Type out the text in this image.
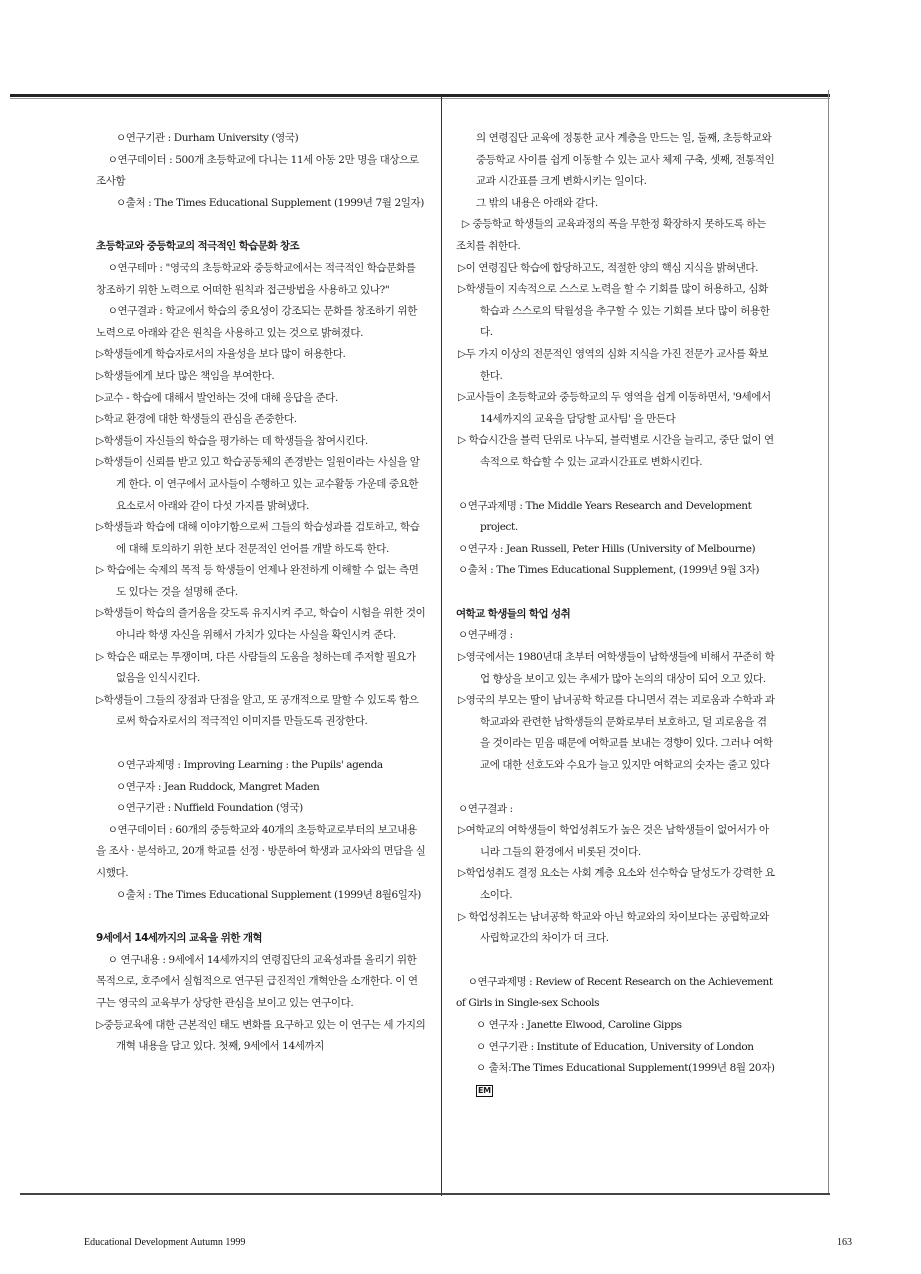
ㅇ연구기관 : Durham University (영국)

ㅇ연구데이터 : 500개 초등학교에 다니는 11세 아동 2만 명을 대상으로 조사함

ㅇ출처 : The Times Educational Supplement (1999년 7월 2일자)

초등학교와 중등학교의 적극적인 학습문화 창조

ㅇ연구테마 : "영국의 초등학교와 중등학교에서는 적극적인 학습문화를 창조하기 위한 노력으로 어떠한 원칙과 접근방법을 사용하고 있나?"

ㅇ연구결과 : 학교에서 학습의 중요성이 강조되는 문화를 창조하기 위한 노력으로 아래와 같은 원칙을 사용하고 있는 것으로 밝혀졌다.

▷학생들에게 학습자로서의 자율성을 보다 많이 허용한다.

▷학생들에게 보다 많은 책임을 부여한다.

▷교수 - 학습에 대해서 발언하는 것에 대해 응답을 준다.

▷학교 환경에 대한 학생들의 관심을 존중한다.

▷학생들이 자신들의 학습을 평가하는 데 학생들을 참여시킨다.

▷학생들이 신뢰를 받고 있고 학습공동체의 존경받는 일원이라는 사실을 알게 한다. 이 연구에서 교사들이 수행하고 있는 교수활동 가운데 중요한 요소로서 아래와 같이 다섯 가지를 밝혀냈다.

▷학생들과 학습에 대해 이야기함으로써 그들의 학습성과를 검토하고, 학습에 대해 토의하기 위한 보다 전문적인 언어를 개발 하도록 한다.

▷ 학습에는 숙제의 목적 등 학생들이 언제나 완전하게 이해할 수 없는 측면도 있다는 것을 설명해 준다.

▷학생들이 학습의 즐거움을 갖도록 유지시켜 주고, 학습이 시험을 위한 것이 아니라 학생 자신을 위해서 가치가 있다는 사실을 확인시켜 준다.

▷ 학습은 때로는 투쟁이며, 다른 사람들의 도움을 청하는데 주저할 필요가 없음을 인식시킨다.

▷학생들이 그들의 장점과 단점을 알고, 또 공개적으로 말할 수 있도록 함으로써 학습자로서의 적극적인 이미지를 만들도록 권장한다.

ㅇ연구과제명 : Improving Learning : the Pupils' agenda

ㅇ연구자 : Jean Ruddock, Mangret Maden

ㅇ연구기관 : Nuffield Foundation (영국)

ㅇ연구데이터 : 60개의 중등학교와 40개의 초등학교로부터의 보고내용을 조사 · 분석하고, 20개 학교를 선정 · 방문하여 학생과 교사와의 면담을 실시했다.

ㅇ출처 : The Times Educational Supplement (1999년 8월6일자)

9세에서 14세까지의 교육을 위한 개혁

ㅇ 연구내용 : 9세에서 14세까지의 연령집단의 교육성과를 올리기 위한 목적으로, 호주에서 실험적으로 연구된 급진적인 개혁안을 소개한다. 이 연구는 영국의 교육부가 상당한 관심을 보이고 있는 연구이다.

▷중등교육에 대한 근본적인 태도 변화를 요구하고 있는 이 연구는 세 가지의 개혁 내용을 담고 있다. 첫째, 9세에서 14세까지

의 연령집단 교육에 정통한 교사 계층을 만드는 일, 둘째, 초등학교와 중등학교 사이를 쉽게 이동할 수 있는 교사 체제 구축, 셋째, 전통적인 교과 시간표를 크게 변화시키는 일이다.

그 밖의 내용은 아래와 같다.

▷ 중등학교 학생들의 교육과정의 폭을 무한정 확장하지 못하도록 하는 조치를 취한다.

▷이 연령집단 학습에 합당하고도, 적절한 양의 핵심 지식을 밝혀낸다.

▷학생들이 지속적으로 스스로 노력을 할 수 기회를 많이 허용하고, 심화학습과 스스로의 탁월성을 추구할 수 있는 기회를 보다 많이 허용한다.

▷두 가지 이상의 전문적인 영역의 심화 지식을 가진 전문가 교사를 확보한다.

▷교사들이 초등학교와 중등학교의 두 영역을 쉽게 이동하면서, '9세에서 14세까지의 교육을 담당할 교사팀' 을 만든다

▷ 학습시간을 블럭 단위로 나누되, 블럭별로 시간을 늘리고, 중단 없이 연속적으로 학습할 수 있는 교과시간표로 변화시킨다.

ㅇ연구과제명 : The Middle Years Research and Development project.

ㅇ연구자 : Jean Russell, Peter Hills (University of Melbourne)

ㅇ출처 : The Times Educational Supplement, (1999년 9월 3자)

여학교 학생들의 학업 성취

ㅇ연구배경 :

▷영국에서는 1980년대 초부터 여학생들이 남학생들에 비해서 꾸준히 학업 향상을 보이고 있는 추세가 많아 논의의 대상이 되어 오고 있다.

▷영국의 부모는 딸이 남녀공학 학교를 다니면서 겪는 괴로움과 수학과 과학교과와 관련한 남학생들의 문화로부터 보호하고, 덜 괴로움을 겪을 것이라는 믿음 때문에 여학교를 보내는 경향이 있다. 그러나 여학교에 대한 선호도와 수요가 늘고 있지만 여학교의 숫자는 줄고 있다

ㅇ연구결과 :

▷여학교의 여학생들이 학업성취도가 높은 것은 남학생들이 없어서가 아니라 그들의 환경에서 비롯된 것이다.

▷학업성취도 결정 요소는 사회 계층 요소와 선수학습 달성도가 강력한 요소이다.

▷ 학업성취도는 남녀공학 학교와 아닌 학교와의 차이보다는 공립학교와 사립학교간의 차이가 더 크다.

ㅇ연구과제명 : Review of Recent Research on the Achievement of Girls in Single-sex Schools

ㅇ 연구자 : Janette Elwood, Caroline Gipps

ㅇ 연구기관 : Institute of Education, University of London

ㅇ 출처:The Times Educational Supplement(1999년 8월 20자) EM

Educational Development Autumn 1999	163
